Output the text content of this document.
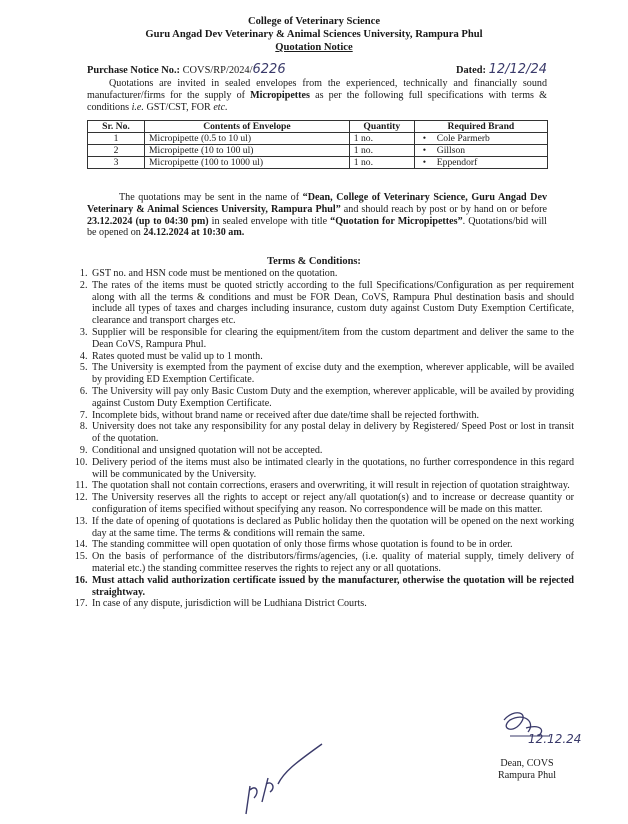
College of Veterinary Science
Guru Angad Dev Veterinary & Animal Sciences University, Rampura Phul
Quotation Notice
Purchase Notice No.: COVS/RP/2024/6226	Dated: 12/12/24
Quotations are invited in sealed envelopes from the experienced, technically and financially sound manufacturer/firms for the supply of Micropipettes as per the following full specifications with terms & conditions i.e. GST/CST, FOR etc.
Sr. No.	Contents of Envelope	Quantity	Required Brand
1	Micropipette (0.5 to 10 ul)	1 no.	• Cole Parmerb
2	Micropipette (10 to 100 ul)	1 no.	• Gillson
3	Micropipette (100 to 1000 ul)	1 no.	• Eppendorf
The quotations may be sent in the name of “Dean, College of Veterinary Science, Guru Angad Dev Veterinary & Animal Sciences University, Rampura Phul” and should reach by post or by hand on or before 23.12.2024 (up to 04:30 pm) in sealed envelope with title “Quotation for Micropipettes”. Quotations/bid will be opened on 24.12.2024 at 10:30 am.
Terms & Conditions:
1. GST no. and HSN code must be mentioned on the quotation.
2. The rates of the items must be quoted strictly according to the full Specifications/Configuration as per requirement along with all the terms & conditions and must be FOR Dean, CoVS, Rampura Phul destination basis and should include all types of taxes and charges including insurance, custom duty against Custom Duty Exemption Certificate, clearance and transport charges etc.
3. Supplier will be responsible for clearing the equipment/item from the custom department and deliver the same to the Dean CoVS, Rampura Phul.
4. Rates quoted must be valid up to 1 month.
5. The University is exempted from the payment of excise duty and the exemption, wherever applicable, will be availed by providing ED Exemption Certificate.
6. The University will pay only Basic Custom Duty and the exemption, wherever applicable, will be availed by providing against Custom Duty Exemption Certificate.
7. Incomplete bids, without brand name or received after due date/time shall be rejected forthwith.
8. University does not take any responsibility for any postal delay in delivery by Registered/ Speed Post or lost in transit of the quotation.
9. Conditional and unsigned quotation will not be accepted.
10. Delivery period of the items must also be intimated clearly in the quotations, no further correspondence in this regard will be communicated by the University.
11. The quotation shall not contain corrections, erasers and overwriting, it will result in rejection of quotation straightway.
12. The University reserves all the rights to accept or reject any/all quotation(s) and to increase or decrease quantity or configuration of items specified without specifying any reason. No correspondence will be made on this matter.
13. If the date of opening of quotations is declared as Public holiday then the quotation will be opened on the next working day at the same time. The terms & conditions will remain the same.
14. The standing committee will open quotation of only those firms whose quotation is found to be in order.
15. On the basis of performance of the distributors/firms/agencies, (i.e. quality of material supply, timely delivery of material etc.) the standing committee reserves the rights to reject any or all quotations.
16. Must attach valid authorization certificate issued by the manufacturer, otherwise the quotation will be rejected straightway.
17. In case of any dispute, jurisdiction will be Ludhiana District Courts.
12.12.24
Dean, COVS
Rampura Phul
